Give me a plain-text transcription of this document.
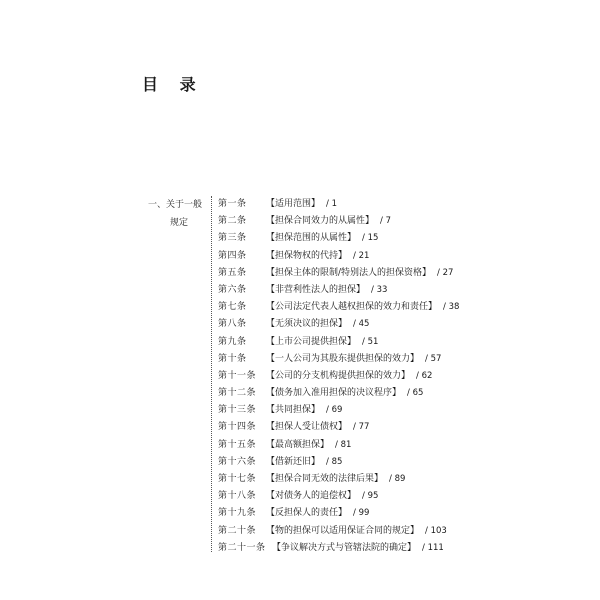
目 录
一、关于一般
规定
第一条	【适用范围】 / 1
第二条	【担保合同效力的从属性】 / 7
第三条	【担保范围的从属性】 / 15
第四条	【担保物权的代持】 / 21
第五条	【担保主体的限制/特别法人的担保资格】 / 27
第六条	【非营利性法人的担保】 / 33
第七条	【公司法定代表人越权担保的效力和责任】 / 38
第八条	【无须决议的担保】 / 45
第九条	【上市公司提供担保】 / 51
第十条	【一人公司为其股东提供担保的效力】 / 57
第十一条	【公司的分支机构提供担保的效力】 / 62
第十二条	【债务加入准用担保的决议程序】 / 65
第十三条	【共同担保】 / 69
第十四条	【担保人受让债权】 / 77
第十五条	【最高额担保】 / 81
第十六条	【借新还旧】 / 85
第十七条	【担保合同无效的法律后果】 / 89
第十八条	【对债务人的追偿权】 / 95
第十九条	【反担保人的责任】 / 99
第二十条	【物的担保可以适用保证合同的规定】 / 103
第二十一条 【争议解决方式与管辖法院的确定】 / 111
